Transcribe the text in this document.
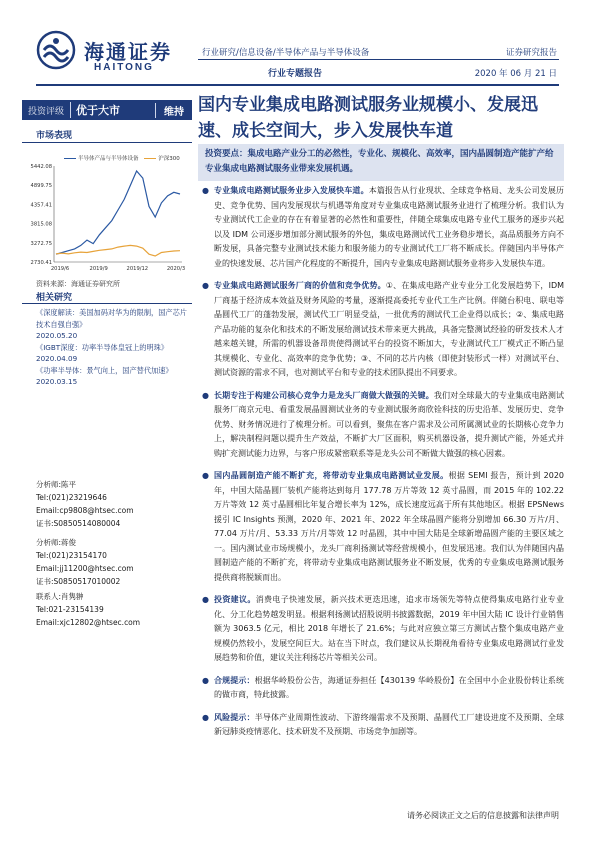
海通证券
HAITONG
行业研究/信息设备/半导体产品与半导体设备	证券研究报告
行业专题报告	2020 年 06 月 21 日
投资评级	优于大市	维持
市场表现
半导体产品与半导体设备	沪深300
2730.41
3272.75
3815.08
4357.41
4899.75
5442.08
2019/6	2019/9	2019/12	2020/3
资料来源：海通证券研究所
相关研究
《深度解读：美国加码对华为的限制，国产芯片技术自强自强》
2020.05.20
《IGBT深度：功率半导体皇冠上的明珠》
2020.04.09
《功率半导体：景气向上，国产替代加速》
2020.03.15
分析师:陈平
Tel:(021)23219646
Email:cp9808@htsec.com
证书:S0850514080004
分析师:蒋俊
Tel:(021)23154170
Email:jj11200@htsec.com
证书:S0850517010002
联系人:肖隽翀
Tel:021-23154139
Email:xjc12802@htsec.com
国内专业集成电路测试服务业规模小、发展迅速、成长空间大，步入发展快车道
投资要点：集成电路产业分工的必然性，专业化、规模化、高效率，国内晶圆制造产能扩产给专业集成电路测试服务业带来发展机遇。
● 专业集成电路测试服务业步入发展快车道。本篇报告从行业现状、全球竞争格局、龙头公司发展历史、竞争优势、国内发展现状与机遇等角度对专业集成电路测试服务业进行了梳理分析。我们认为专业测试代工企业的存在有着显著的必然性和重要性，伴随全球集成电路专业代工服务的逐步兴起以及 IDM 公司逐步增加部分测试服务的外包，集成电路测试代工业务稳步增长，高品质服务方向不断发展，具备完整专业测试技术能力和服务能力的专业测试代工厂将不断成长。伴随国内半导体产业的快速发展、芯片国产化程度的不断提升，国内专业集成电路测试服务业将步入发展快车道。
● 专业集成电路测试服务厂商的价值和竞争优势。①、在集成电路产业专业分工化发展趋势下，IDM 厂商基于经济成本效益及财务风险的考量，逐渐提高委托专业代工生产比例。伴随台积电、联电等晶圆代工厂的蓬勃发展，测试代工厂明显受益，一批优秀的测试代工企业得以成长；②、集成电路产品功能的复杂化和技术的不断发展给测试技术带来更大挑战，具备完整测试经验的研发技术人才越来越关键，所需的机器设备昂贵使得测试平台的投资不断加大，专业测试代工厂模式正不断凸显其规模化、专业化、高效率的竞争优势；③、不同的芯片内核（即使封装形式一样）对测试平台、测试资源的需求不同，也对测试平台和专业的技术团队提出不同要求。
● 长期专注于构建公司核心竞争力是龙头厂商做大做强的关键。我们对全球最大的专业集成电路测试服务厂商京元电、看重发展晶圆测试业务的专业测试服务商欣铨科技的历史沿革、发展历史、竞争优势、财务情况进行了梳理分析。可以看到，聚焦在客户需求及公司所属测试业的长期核心竞争力上，解决制程问题以提升生产效益，不断扩大厂区面积，购买机器设备，提升测试产能，外延式并购扩充测试能力边界，与客户形成紧密联系等是龙头公司不断做大做强的核心因素。
● 国内晶圆制造产能不断扩充，将带动专业集成电路测试业发展。根据 SEMI 报告，预计到 2020 年，中国大陆晶圆厂装机产能将达到每月 177.78 万片等效 12 英寸晶圆，而 2015 年的 102.22 万片等效 12 英寸晶圆相比年复合增长率为 12%，成长速度远高于所有其他地区。根据 EPSNews 援引 IC Insights 预测，2020 年、2021 年、2022 年全球晶圆产能将分别增加 66.30 万片/月、77.04 万片/月、53.33 万片/月等效 12 吋晶圆，其中中国大陆是全球新增晶圆产能的主要区域之一。国内测试业市场规模小，龙头厂商利扬测试等经营规模小，但发展迅速。我们认为伴随国内晶圆制造产能的不断扩充，将带动专业集成电路测试服务业不断发展，优秀的专业集成电路测试服务提供商将脱颖而出。
● 投资建议。消费电子快速发展，新兴技术更迭迅速，追求市场领先等特点使得集成电路行业专业化、分工化趋势越发明显。根据利扬测试招股说明书披露数据，2019 年中国大陆 IC 设计行业销售额为 3063.5 亿元，相比 2018 年增长了 21.6%；与此对应独立第三方测试占整个集成电路产业规模仍然较小，发展空间巨大。站在当下时点，我们建议从长期视角看待专业集成电路测试行业发展趋势和价值，建议关注利扬芯片等相关公司。
● 合规提示：根据华岭股份公告，海通证券担任【430139 华岭股份】在全国中小企业股份转让系统的做市商，特此披露。
● 风险提示：半导体产业周期性波动、下游终端需求不及预期、晶圆代工厂建设进度不及预期、全球新冠肺炎疫情恶化、技术研发不及预期、市场竞争加剧等。
请务必阅读正文之后的信息披露和法律声明
